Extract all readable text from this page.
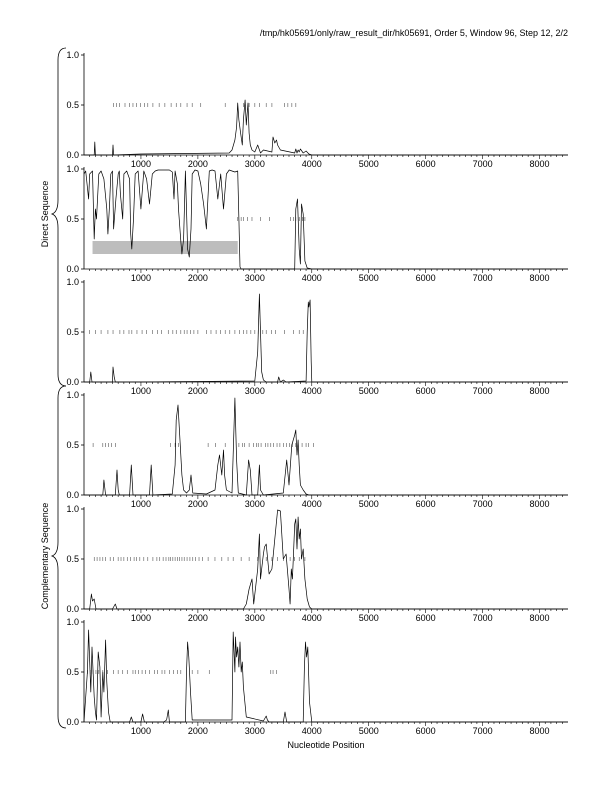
/tmp/hk05691/only/raw_result_dir/hk05691, Order 5, Window 96, Step 12, 2/2
0.0
0.5
1.0
1000	2000	3000	4000	5000	6000	7000	8000
0.0
0.5
1.0
1000	2000	3000	4000	5000	6000	7000	8000
0.0
0.5
1.0
1000	2000	3000	4000	5000	6000	7000	8000
0.0
0.5
1.0
1000	2000	3000	4000	5000	6000	7000	8000
0.0
0.5
1.0
1000	2000	3000	4000	5000	6000	7000	8000
0.0
0.5
1.0
1000	2000	3000	4000	5000	6000	7000	8000
Direct Sequence
Complementary Sequence
Nucleotide Position
